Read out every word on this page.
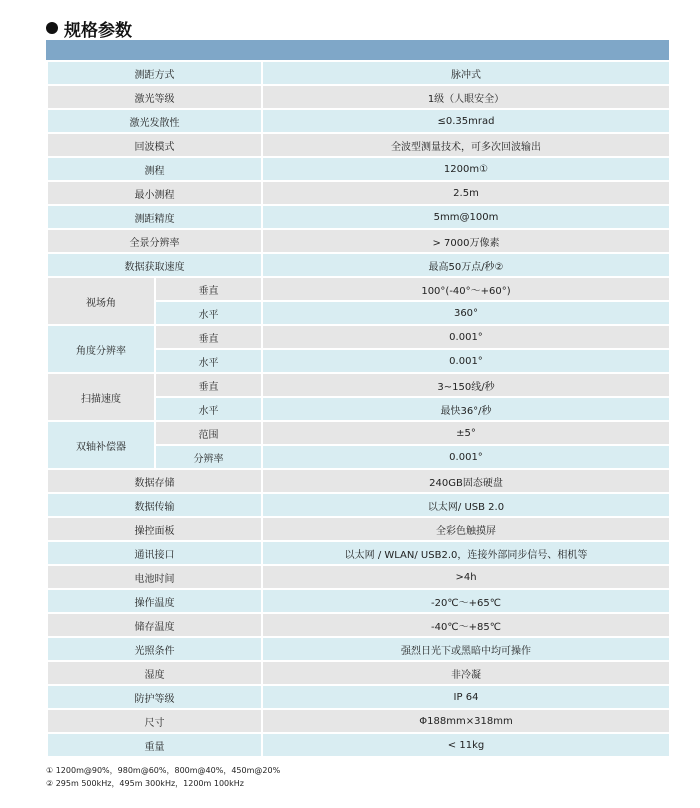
规格参数
测距方式		脉冲式
激光等级		1级（人眼安全）
激光发散性		≤0.35mrad
回波模式		全波型测量技术，可多次回波输出
测程		1200m①
最小测程		2.5m
测距精度		5mm@100m
全景分辨率		> 7000万像素
数据获取速度		最高50万点/秒②
视场角	垂直	100°(-40°～+60°)
	水平	360°
角度分辨率	垂直	0.001°
	水平	0.001°
扫描速度	垂直	3~150线/秒
	水平	最快36°/秒
双轴补偿器	范围	±5°
	分辨率	0.001°
数据存储		240GB固态硬盘
数据传输		以太网/ USB 2.0
操控面板		全彩色触摸屏
通讯接口		以太网 / WLAN/ USB2.0，连接外部同步信号、相机等
电池时间		>4h
操作温度		-20℃～+65℃
储存温度		-40℃～+85℃
光照条件		强烈日光下或黑暗中均可操作
湿度		非冷凝
防护等级		IP 64
尺寸		Φ188mm×318mm
重量		< 11kg
① 1200m@90%，980m@60%，800m@40%，450m@20%
② 295m 500kHz，495m 300kHz，1200m 100kHz
